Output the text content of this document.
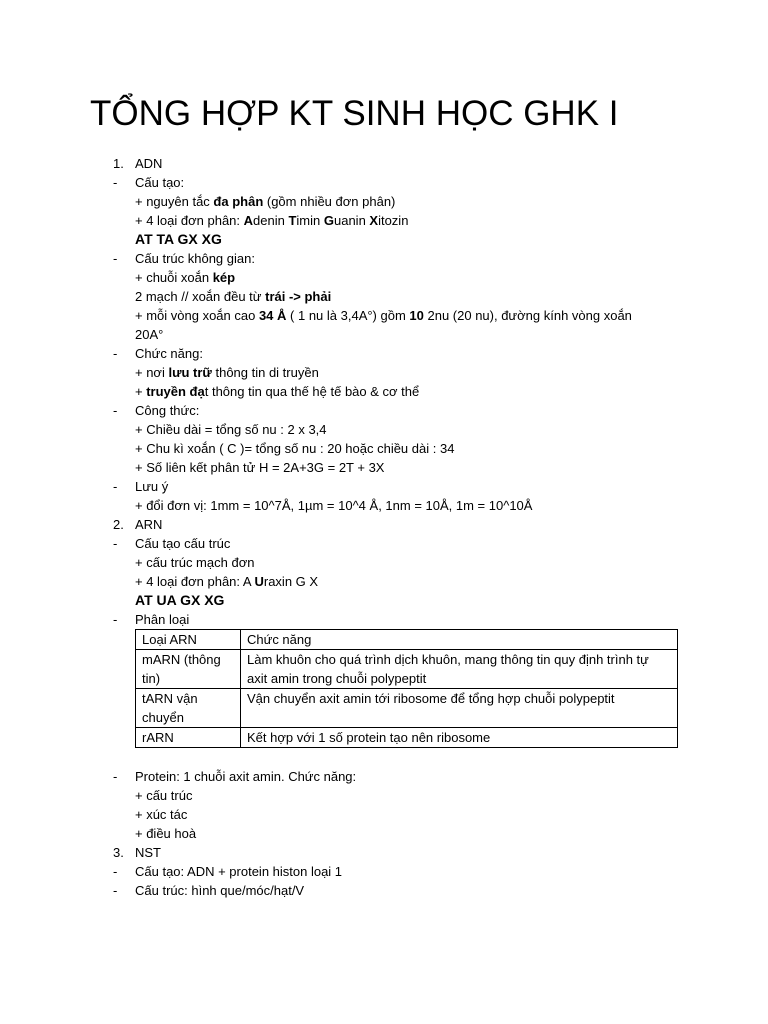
TỔNG HỢP KT SINH HỌC GHK I
1. ADN
- Cấu tạo:
+ nguyên tắc đa phân (gồm nhiều đơn phân)
+ 4 loại đơn phân: Adenin Timin Guanin Xitozin
AT TA GX XG
- Cấu trúc không gian:
+ chuỗi xoắn kép
2 mạch // xoắn đều từ trái -> phải
+ mỗi vòng xoắn cao 34 Å ( 1 nu là 3,4A°) gồm 10 2nu (20 nu), đường kính vòng xoắn
20A°
- Chức năng:
+ nơi lưu trữ thông tin di truyền
+ truyền đạt thông tin qua thế hệ tế bào & cơ thể
- Công thức:
+ Chiều dài = tổng số nu : 2 x 3,4
+ Chu kì xoắn ( C )= tổng số nu : 20 hoặc chiều dài : 34
+ Số liên kết phân tử H = 2A+3G = 2T + 3X
- Lưu ý
+ đổi đơn vị: 1mm = 10^7Å, 1µm = 10^4 Å, 1nm = 10Å, 1m = 10^10Å
2. ARN
- Cấu tạo cấu trúc
+ cấu trúc mạch đơn
+ 4 loại đơn phân: A Uraxin G X
AT UA GX XG
- Phân loại
Loại ARN	Chức năng
mARN (thông tin)	Làm khuôn cho quá trình dịch khuôn, mang thông tin quy định trình tự axit amin trong chuỗi polypeptit
tARN vận chuyển	Vận chuyển axit amin tới ribosome để tổng hợp chuỗi polypeptit
rARN	Kết hợp với 1 số protein tạo nên ribosome
- Protein: 1 chuỗi axit amin. Chức năng:
+ cấu trúc
+ xúc tác
+ điều hoà
3. NST
- Cấu tạo: ADN + protein histon loại 1
- Cấu trúc: hình que/móc/hạt/V
